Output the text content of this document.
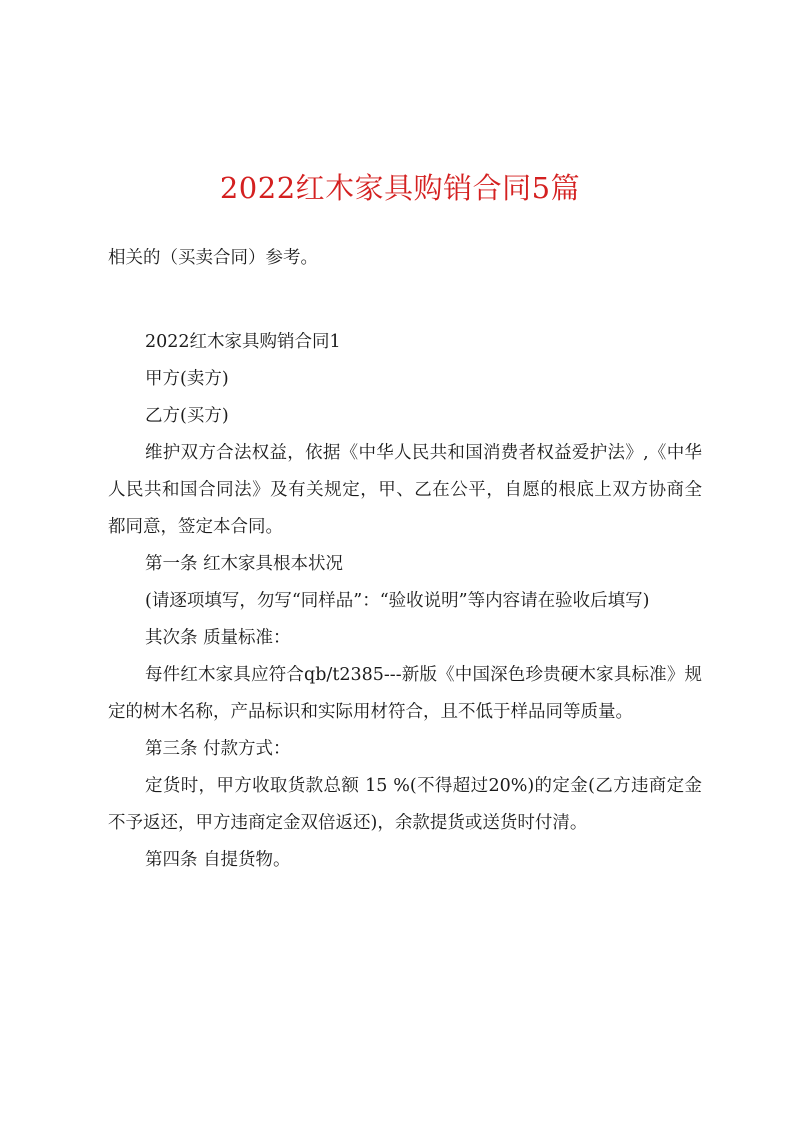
2022红木家具购销合同5篇
相关的（买卖合同）参考。

2022红木家具购销合同1

甲方(卖方)

乙方(买方)

维护双方合法权益，依据《中华人民共和国消费者权益爱护法》,《中华人民共和国合同法》及有关规定，甲、乙在公平，自愿的根底上双方协商全都同意，签定本合同。

第一条 红木家具根本状况

(请逐项填写，勿写“同样品”：“验收说明”等内容请在验收后填写)

其次条 质量标准：

每件红木家具应符合qb/t2385---新版《中国深色珍贵硬木家具标准》规定的树木名称，产品标识和实际用材符合，且不低于样品同等质量。

第三条 付款方式：

定货时，甲方收取货款总额 15 %(不得超过20%)的定金(乙方违商定金不予返还，甲方违商定金双倍返还)，余款提货或送货时付清。

第四条 自提货物。
